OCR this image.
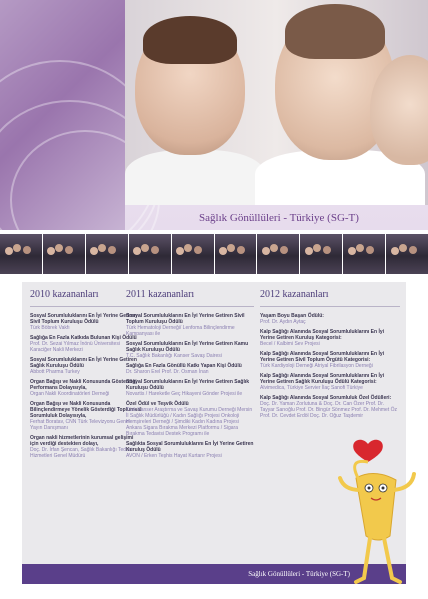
Sağlık Gönüllüleri - Türkiye (SG-T)
2010 kazananları
Sosyal Sorumluluklarını En İyi Yerine Getiren Sivil Toplum Kuruluşu Ödülü
Türk Böbrek Vakfı
Sağlığa En Fazla Katkıda Bulunan Kişi Ödülü
Prof. Dr. Sezai Yılmaz İnönü Üniversitesi Karaciğer Nakli Merkezi
Sosyal Sorumluluklarını En İyi Yerine Getiren Sağlık Kuruluşu Ödülü
Abbott Pharma Turkey
Organ Bağışı ve Nakli Konusunda Gösterdiği Performans Dolayısıyla,
Organ Nakli Koordinatörleri Derneği
Organ Bağışı ve Nakli Konusunda Bilinçlendirmeye Yönelik Gösterdiği Toplumsal Sorumluluk Dolayısıyla,
Ferhat Boratav, CNN Türk Televizyonu Genel Yayın Danışmanı
Organ nakli hizmetlerinin kurumsal gelişimi için verdiği destekten dolayı,
Doç. Dr. İrfan Şencan, Sağlık Bakanlığı Tedavi Hizmetleri Genel Müdürü
2011 kazananları
Sosyal Sorumluluklarını En İyi Yerine Getiren Sivil Toplum Kuruluşu Ödülü
Türk Hematoloji Derneği/ Lenfoma Bilinçlendirme Kampanyası ile
Sosyal Sorumluluklarını En İyi Yerine Getiren Kamu Sağlık Kuruluşu Ödülü
T.C. Sağlık Bakanlığı Kanser Savaş Dairesi
Sağlığa En Fazla Gönüllü Katkı Yapan Kişi Ödülü
Dr. Sharon Erel Prof. Dr. Osman İnan
Sosyal Sorumluluklarını En İyi Yerine Getiren Sağlık Kuruluşu Ödülü
Novartis / Hareketle Geç Hikayeni Gönder Projesi ile
Özel Ödül ve Teşvik Ödülü
Türk Kanser Araştırma ve Savaş Kurumu Derneği Mersin İl Sağlık Müdürlüğü / Kadın Sağlığı Projesi Onkoloji Hemşireleri Derneği / Şimdiki Kadın Kadına Projesi Ankara Sigara Bırakma Merkezi Platformu / Sigara Bırakma Tedavisi Destek Programı ile
Sağlıkta Sosyal Sorumluluklarını En İyi Yerine Getiren Kuruluş Ödülü
AVON / Erken Teşhis Hayat Kurtarır Projesi
2012 kazananları
Yaşam Boyu Başarı Ödülü:
Prof. Dr. Aydın Aytaç
Kalp Sağlığı Alanında Sosyal Sorumluluklarını En İyi Yerine Getiren Kuruluş Kategorisi:
Becel / Kalbimi Sev Projesi
Kalp Sağlığı Alanında Sosyal Sorumluluklarını En İyi Yerine Getiren Sivil Toplum Örgütü Kategorisi:
Türk Kardiyoloji Derneği Atriyal Fibrilasyon Derneği
Kalp Sağlığı Alanında Sosyal Sorumluluklarını En İyi Yerine Getiren Sağlık Kuruluşu Ödülü Kategorisi:
Alvimedica, Türkiye Servier İlaç Sanofi Türkiye
Kalp Sağlığı Alanında Sosyal Sorumluluk Özel Ödülleri:
Doç. Dr. Yaman Zorlutuna & Doç. Dr. Can Özer Prof. Dr. Tayyar Sarıoğlu Prof. Dr. Bingür Sönmez Prof. Dr. Mehmet Öz Prof. Dr. Cevdet Erdöl Doç. Dr. Oğuz Taşdemir
Sağlık Gönüllüleri - Türkiye (SG-T)
